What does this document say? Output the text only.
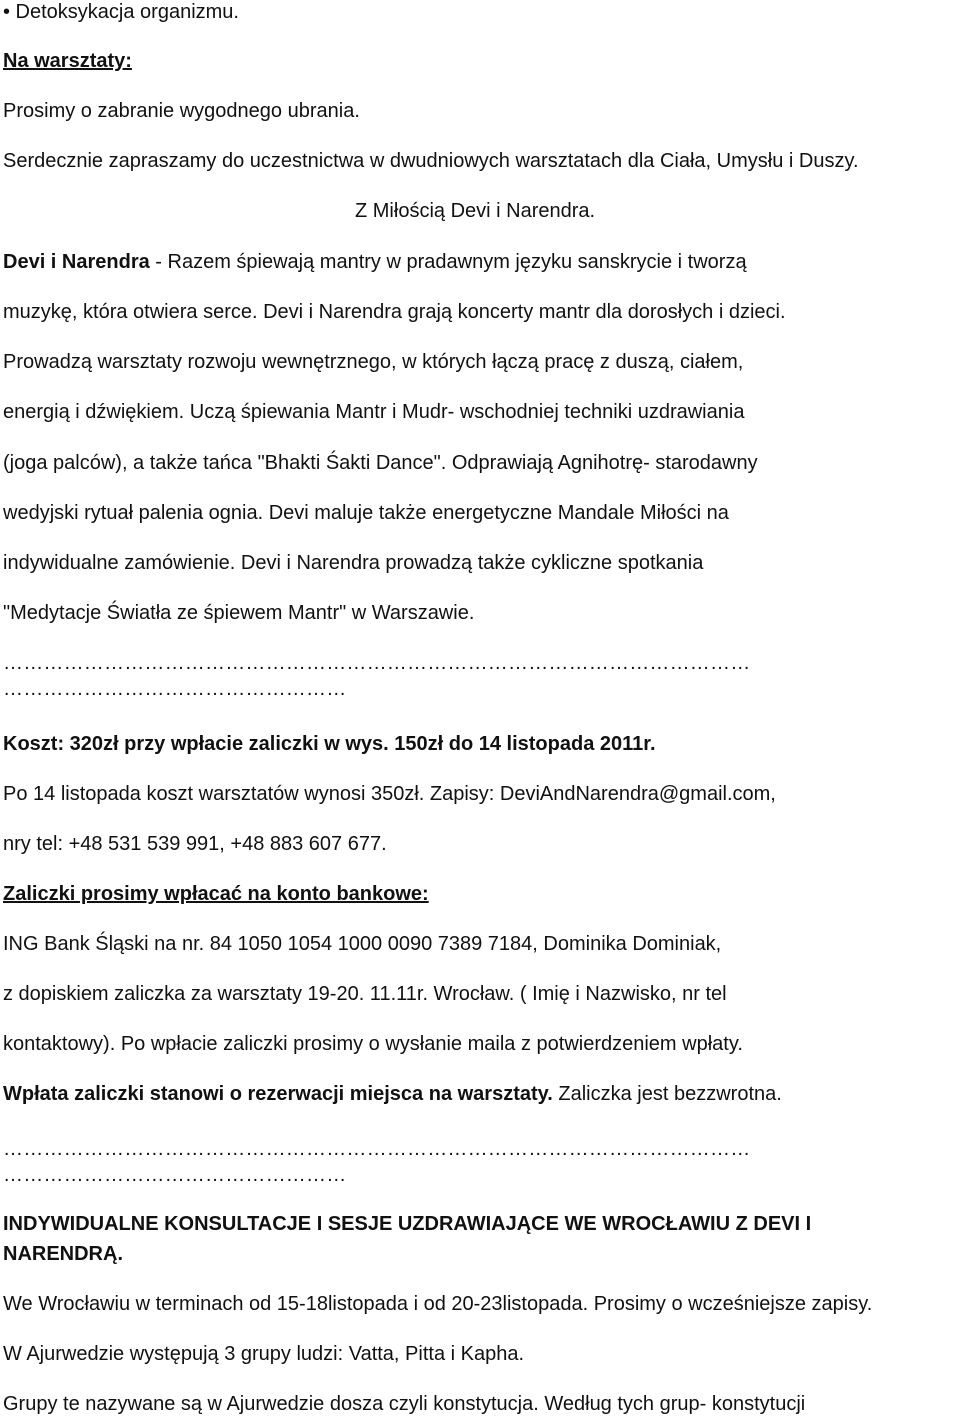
• Detoksykacja organizmu.
Na warsztaty:
Prosimy o zabranie wygodnego ubrania.
Serdecznie zapraszamy do uczestnictwa w dwudniowych warsztatach dla Ciała, Umysłu i Duszy.
Z Miłością Devi i Narendra.
Devi i Narendra - Razem śpiewają mantry w pradawnym języku sanskrycie i tworzą
muzykę, która otwiera serce. Devi i Narendra grają koncerty mantr dla dorosłych i dzieci.
Prowadzą warsztaty rozwoju wewnętrznego, w których łączą pracę z duszą, ciałem,
energią i dźwiękiem. Uczą śpiewania Mantr i Mudr- wschodniej techniki uzdrawiania
(joga palców), a także tańca "Bhakti Śakti Dance". Odprawiają Agnihotrę- starodawny
wedyjski rytuał palenia ognia. Devi maluje także energetyczne Mandale Miłości na
indywidualne zamówienie. Devi i Narendra prowadzą także cykliczne spotkania
"Medytacje Światła ze śpiewem Mantr" w Warszawie.
…………………………………………………………………………………………………
……………………………………………
Koszt: 320zł przy wpłacie zaliczki w wys. 150zł do 14 listopada 2011r.
Po 14 listopada koszt warsztatów wynosi 350zł. Zapisy: DeviAndNarendra@gmail.com,
nry tel: +48 531 539 991, +48 883 607 677.
Zaliczki prosimy wpłacać na konto bankowe:
ING Bank Śląski na nr. 84 1050 1054 1000 0090 7389 7184, Dominika Dominiak,
z dopiskiem zaliczka za warsztaty 19-20. 11.11r. Wrocław. ( Imię i Nazwisko, nr tel
kontaktowy). Po wpłacie zaliczki prosimy o wysłanie maila z potwierdzeniem wpłaty.
Wpłata zaliczki stanowi o rezerwacji miejsca na warsztaty. Zaliczka jest bezzwrotna.
…………………………………………………………………………………………………
……………………………………………
INDYWIDUALNE KONSULTACJE I SESJE UZDRAWIAJĄCE WE WROCŁAWIU Z DEVI I
NARENDRĄ.
We Wrocławiu w terminach od 15-18listopada i od 20-23listopada. Prosimy o wcześniejsze zapisy.
W Ajurwedzie występują 3 grupy ludzi: Vatta, Pitta i Kapha.
Grupy te nazywane są w Ajurwedzie dosza czyli konstytucja. Według tych grup- konstytucji
